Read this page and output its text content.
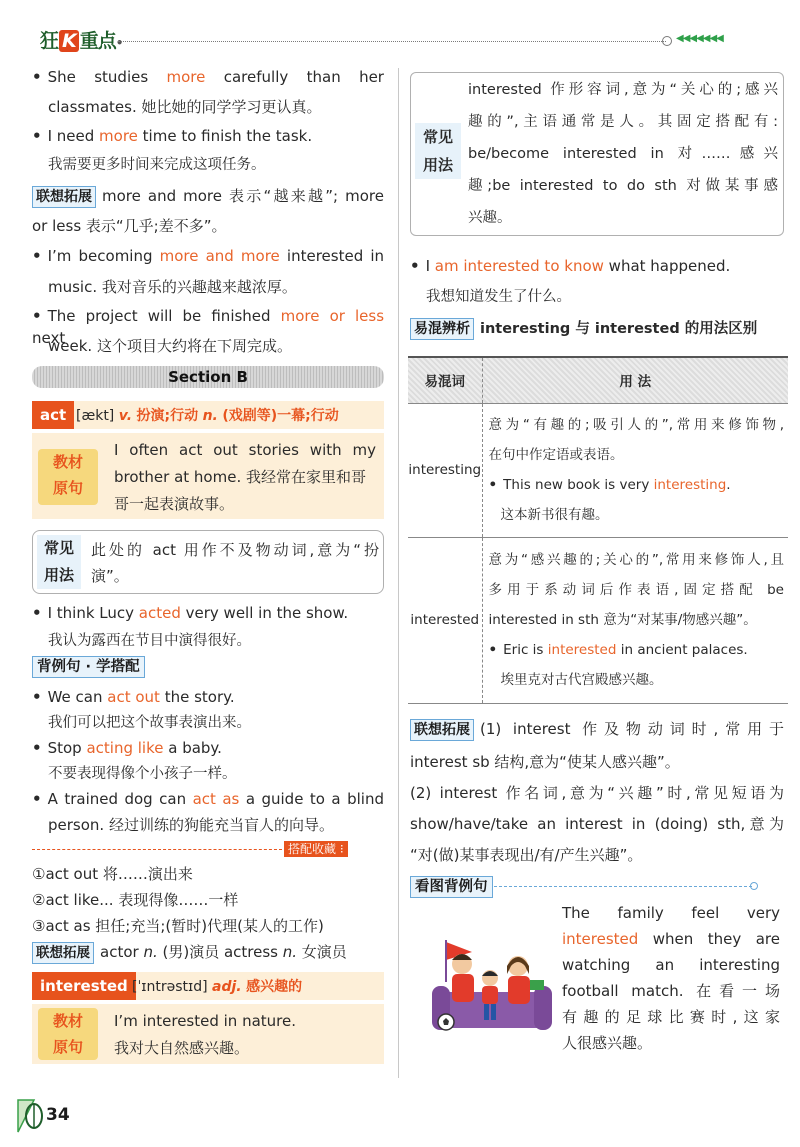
狂 K 重点•	◀◀◀◀◀◀◀
• She studies more carefully than her
classmates. 她比她的同学学习更认真。
• I need more time to finish the task.
我需要更多时间来完成这项任务。
联想拓展 more and more 表示“越来越”; more
or less 表示“几乎;差不多”。
• I’m becoming more and more interested in
music. 我对音乐的兴趣越来越浓厚。
• The project will be finished more or less next
week. 这个项目大约将在下周完成。
Section B
act [ækt] v. 扮演;行动 n. (戏剧等)一幕;行动
教材
原句
I often act out stories with my
brother at home. 我经常在家里和哥
哥一起表演故事。
常见
用法
此处的 act 用作不及物动词,意为“扮
演”。
• I think Lucy acted very well in the show.
我认为露西在节目中演得很好。
背例句 · 学搭配
• We can act out the story.
我们可以把这个故事表演出来。
• Stop acting like a baby.
不要表现得像个小孩子一样。
• A trained dog can act as a guide to a blind
person. 经过训练的狗能充当盲人的向导。
搭配收藏 ⁝
①act out 将……演出来
②act like... 表现得像……一样
③act as 担任;充当;(暂时)代理(某人的工作)
联想拓展 actor n. (男)演员 actress n. 女演员
interested [ˈɪntrəstɪd] adj. 感兴趣的
教材
原句
I’m interested in nature.
我对大自然感兴趣。
常见
用法
interested 作形容词,意为“关心的;感兴
趣的”,主语通常是人。其固定搭配有:
be/become interested in 对……感兴
趣;be interested to do sth 对做某事感
兴趣。
• I am interested to know what happened.
我想知道发生了什么。
易混辨析 interesting 与 interested 的用法区别
易混词	用 法
interesting	意为“有趣的;吸引人的”,常用来修饰物,
在句中作定语或表语。
• This new book is very interesting.
这本新书很有趣。

interested	意为“感兴趣的;关心的”,常用来修饰人,且
多用于系动词后作表语,固定搭配 be
interested in sth 意为“对某事/物感兴趣”。
• Eric is interested in ancient palaces.
埃里克对古代宫殿感兴趣。
联想拓展 (1) interest 作及物动词时,常用于
interest sb 结构,意为“使某人感兴趣”。
(2) interest 作名词,意为“兴趣”时,常见短语为
show/have/take an interest in (doing) sth,意为
“对(做)某事表现出/有/产生兴趣”。
看图背例句
The family feel very
interested when they are
watching an interesting
football match. 在看一场
有趣的足球比赛时,这家
人很感兴趣。
34
